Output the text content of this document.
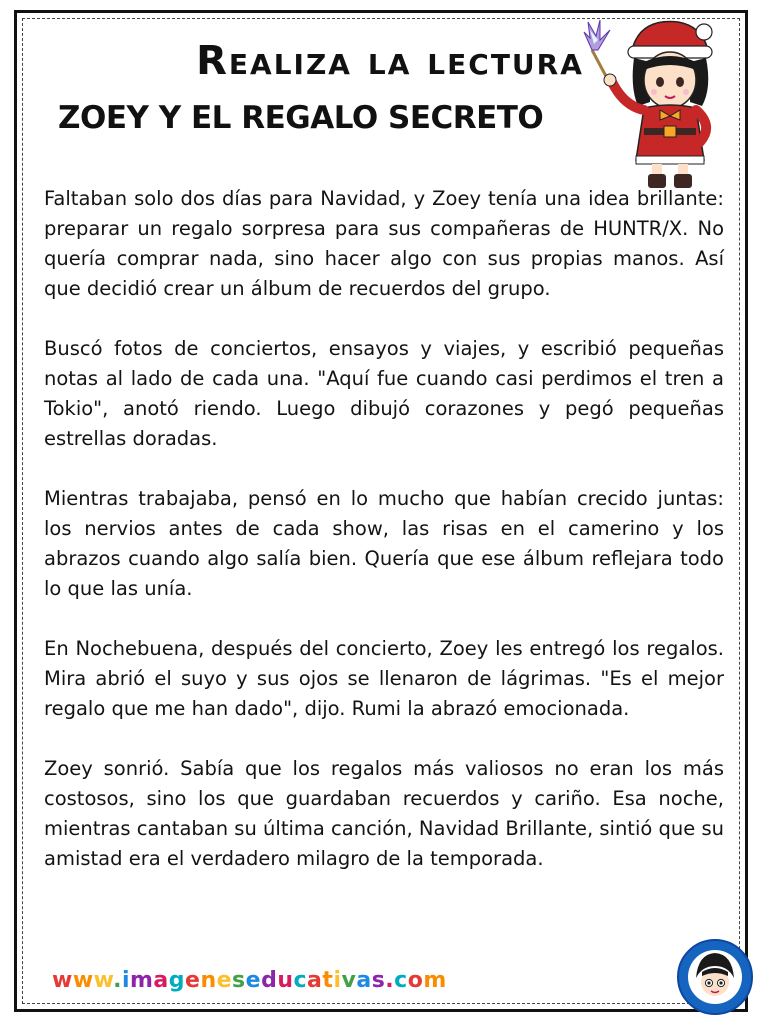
Realiza la lectura
ZOEY Y EL REGALO SECRETO

Faltaban solo dos días para Navidad, y Zoey tenía una idea brillante: preparar un regalo sorpresa para sus compañeras de HUNTR/X. No quería comprar nada, sino hacer algo con sus propias manos. Así que decidió crear un álbum de recuerdos del grupo.

Buscó fotos de conciertos, ensayos y viajes, y escribió pequeñas notas al lado de cada una. "Aquí fue cuando casi perdimos el tren a Tokio", anotó riendo. Luego dibujó corazones y pegó pequeñas estrellas doradas.

Mientras trabajaba, pensó en lo mucho que habían crecido juntas: los nervios antes de cada show, las risas en el camerino y los abrazos cuando algo salía bien. Quería que ese álbum reflejara todo lo que las unía.

En Nochebuena, después del concierto, Zoey les entregó los regalos. Mira abrió el suyo y sus ojos se llenaron de lágrimas. "Es el mejor regalo que me han dado", dijo. Rumi la abrazó emocionada.

Zoey sonrió. Sabía que los regalos más valiosos no eran los más costosos, sino los que guardaban recuerdos y cariño. Esa noche, mientras cantaban su última canción, Navidad Brillante, sintió que su amistad era el verdadero milagro de la temporada.

www.imageneseducativas.com
